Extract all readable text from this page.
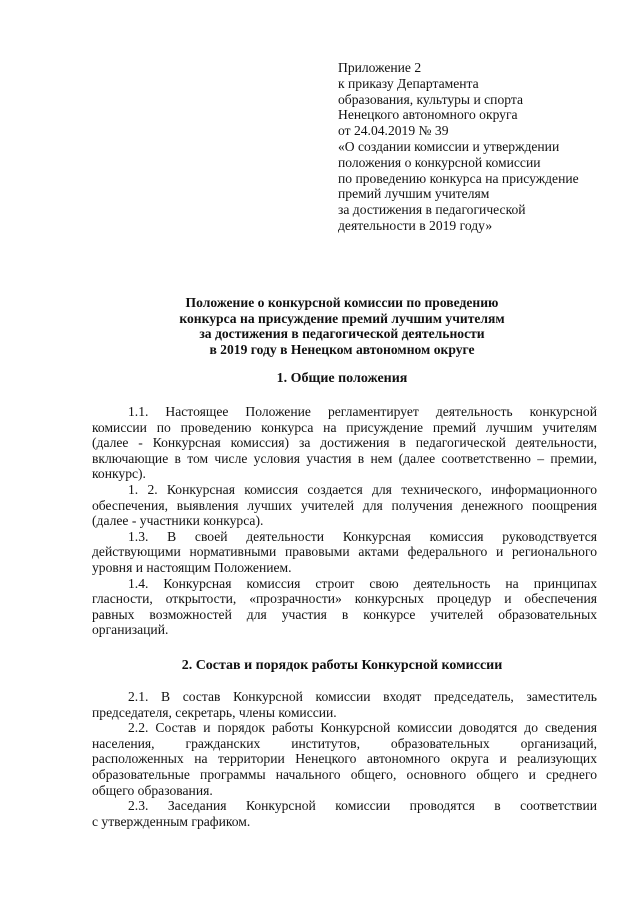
Приложение 2
к приказу Департамента
образования, культуры и спорта
Ненецкого автономного округа
от 24.04.2019 № 39
«О создании комиссии и утверждении
положения о конкурсной комиссии
по проведению конкурса на присуждение
премий лучшим учителям
за достижения в педагогической
деятельности в 2019 году»
Положение о конкурсной комиссии по проведению
конкурса на присуждение премий лучшим учителям
за достижения в педагогической деятельности
в 2019 году в Ненецком автономном округе
1. Общие положения
1.1. Настоящее Положение регламентирует деятельность конкурсной
комиссии по проведению конкурса на присуждение премий лучшим учителям
(далее - Конкурсная комиссия) за достижения в педагогической деятельности,
включающие в том числе условия участия в нем (далее соответственно – премии,
конкурс).
1. 2. Конкурсная комиссия создается для технического, информационного
обеспечения, выявления лучших учителей для получения денежного поощрения
(далее - участники конкурса).
1.3. В своей деятельности Конкурсная комиссия руководствуется
действующими нормативными правовыми актами федерального и регионального
уровня и настоящим Положением.
1.4. Конкурсная комиссия строит свою деятельность на принципах
гласности, открытости, «прозрачности» конкурсных процедур и обеспечения
равных возможностей для участия в конкурсе учителей образовательных
организаций.
2. Состав и порядок работы Конкурсной комиссии
2.1. В состав Конкурсной комиссии входят председатель, заместитель
председателя, секретарь, члены комиссии.
2.2. Состав и порядок работы Конкурсной комиссии доводятся до сведения
населения, гражданских институтов, образовательных организаций,
расположенных на территории Ненецкого автономного округа и реализующих
образовательные программы начального общего, основного общего и среднего
общего образования.
2.3. Заседания Конкурсной комиссии проводятся в соответствии
с утвержденным графиком.
